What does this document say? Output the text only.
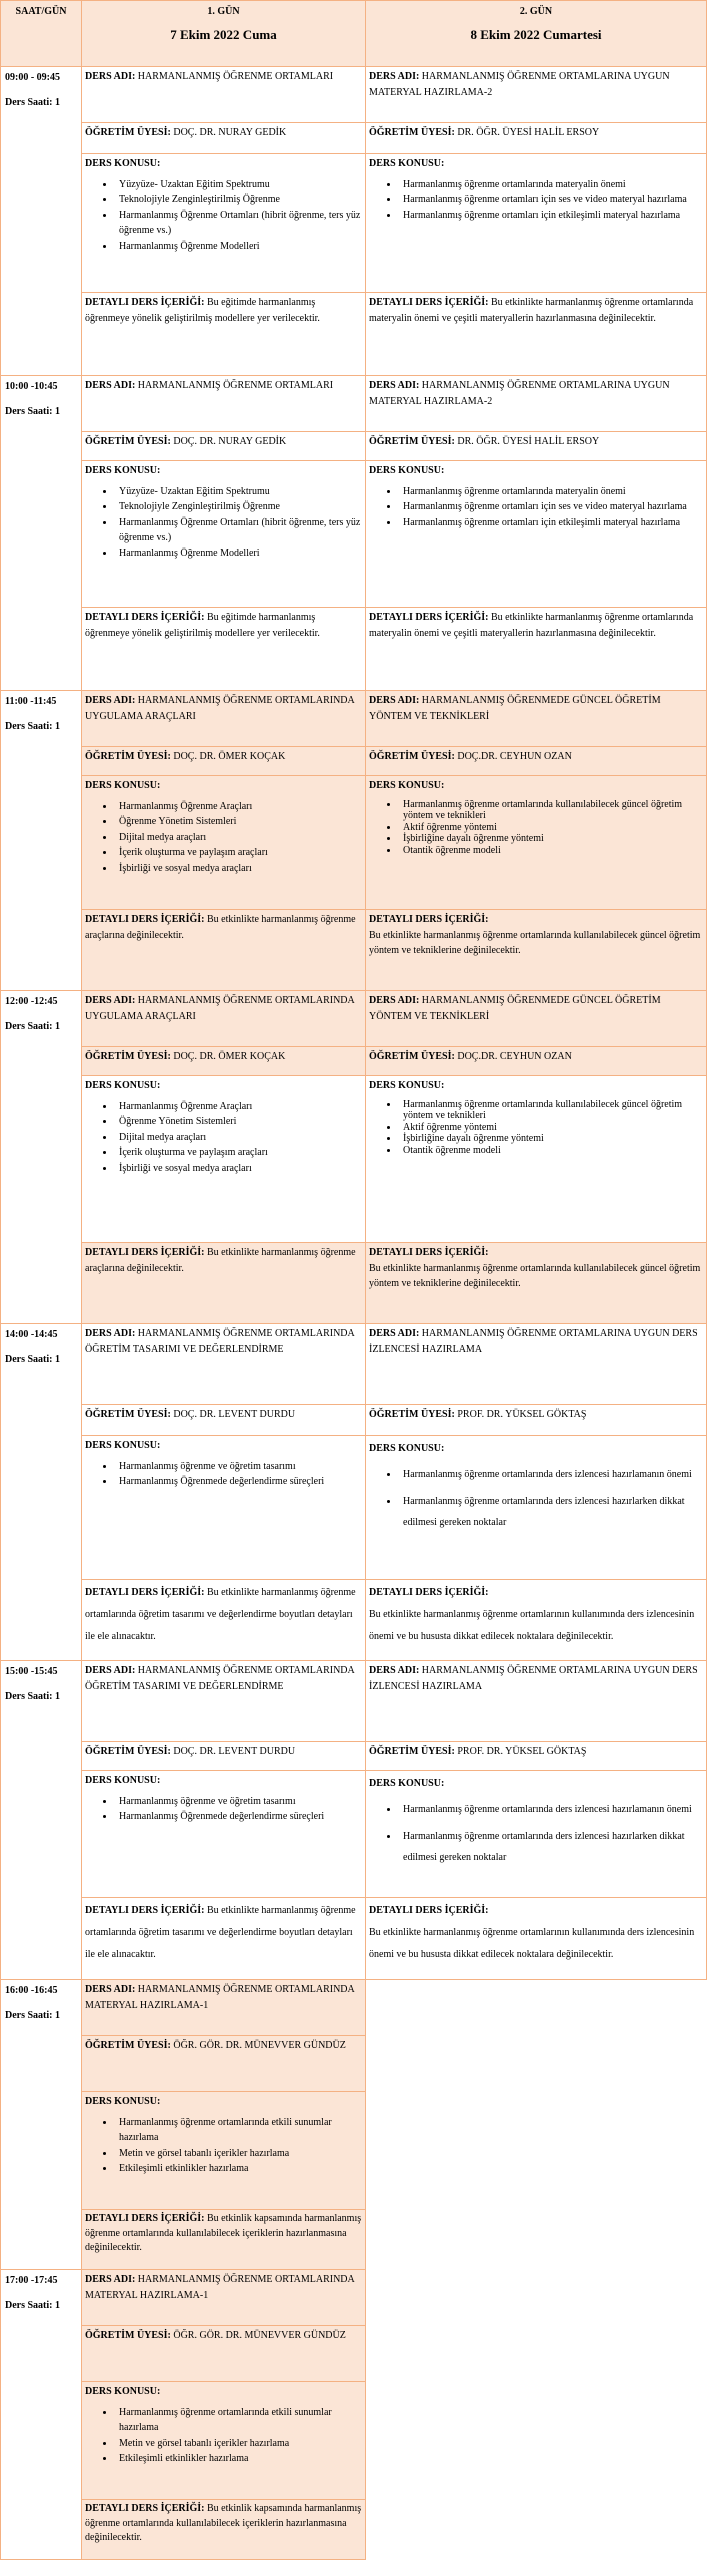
SAAT/GÜN	1. GÜN
7 Ekim 2022 Cuma
2. GÜN
8 Ekim 2022 Cumartesi
09:00 - 09:45
Ders Saati: 1
10:00 -10:45
Ders Saati: 1
11:00 -11:45
Ders Saati: 1
12:00 -12:45
Ders Saati: 1
14:00 -14:45
Ders Saati: 1
15:00 -15:45
Ders Saati: 1
16:00 -16:45
Ders Saati: 1
17:00 -17:45
Ders Saati: 1
DERS ADI: HARMANLANMIŞ ÖĞRENME ORTAMLARI
ÖĞRETİM ÜYESİ: DOÇ. DR. NURAY GEDİK
DERS KONUSU:
• Yüzyüze- Uzaktan Eğitim Spektrumu
• Teknolojiyle Zenginleştirilmiş Öğrenme
• Harmanlanmış Öğrenme Ortamları (hibrit öğrenme, ters yüz öğrenme vs.)
• Harmanlanmış Öğrenme Modelleri
DETAYLI DERS İÇERİĞİ: Bu eğitimde harmanlanmış öğrenmeye yönelik geliştirilmiş modellere yer verilecektir.
DERS ADI: HARMANLANMIŞ ÖĞRENME ORTAMLARINA UYGUN MATERYAL HAZIRLAMA-2
ÖĞRETİM ÜYESİ: DR. ÖĞR. ÜYESİ HALİL ERSOY
DERS KONUSU:
• Harmanlanmış öğrenme ortamlarında materyalin önemi
• Harmanlanmış öğrenme ortamları için ses ve video materyal hazırlama
• Harmanlanmış öğrenme ortamları için etkileşimli materyal hazırlama
DETAYLI DERS İÇERİĞİ: Bu etkinlikte harmanlanmış öğrenme ortamlarında materyalin önemi ve çeşitli materyallerin hazırlanmasına değinilecektir.
DERS ADI: HARMANLANMIŞ ÖĞRENME ORTAMLARI
ÖĞRETİM ÜYESİ: DOÇ. DR. NURAY GEDİK
DERS KONUSU:
• Yüzyüze- Uzaktan Eğitim Spektrumu
• Teknolojiyle Zenginleştirilmiş Öğrenme
• Harmanlanmış Öğrenme Ortamları (hibrit öğrenme, ters yüz öğrenme vs.)
• Harmanlanmış Öğrenme Modelleri
DETAYLI DERS İÇERİĞİ: Bu eğitimde harmanlanmış öğrenmeye yönelik geliştirilmiş modellere yer verilecektir.
DERS ADI: HARMANLANMIŞ ÖĞRENME ORTAMLARINA UYGUN MATERYAL HAZIRLAMA-2
ÖĞRETİM ÜYESİ: DR. ÖĞR. ÜYESİ HALİL ERSOY
DERS KONUSU:
• Harmanlanmış öğrenme ortamlarında materyalin önemi
• Harmanlanmış öğrenme ortamları için ses ve video materyal hazırlama
• Harmanlanmış öğrenme ortamları için etkileşimli materyal hazırlama
DETAYLI DERS İÇERİĞİ: Bu etkinlikte harmanlanmış öğrenme ortamlarında materyalin önemi ve çeşitli materyallerin hazırlanmasına değinilecektir.
DERS ADI: HARMANLANMIŞ ÖĞRENME ORTAMLARINDA UYGULAMA ARAÇLARI
ÖĞRETİM ÜYESİ: DOÇ. DR. ÖMER KOÇAK
DERS KONUSU:
• Harmanlanmış Öğrenme Araçları
• Öğrenme Yönetim Sistemleri
• Dijital medya araçları
• İçerik oluşturma ve paylaşım araçları
• İşbirliği ve sosyal medya araçları
DETAYLI DERS İÇERİĞİ: Bu etkinlikte harmanlanmış öğrenme araçlarına değinilecektir.
DERS ADI: HARMANLANMIŞ ÖĞRENMEDE GÜNCEL ÖĞRETİM YÖNTEM VE TEKNİKLERİ
ÖĞRETİM ÜYESİ: DOÇ.DR. CEYHUN OZAN
DERS KONUSU:
• Harmanlanmış öğrenme ortamlarında kullanılabilecek güncel öğretim yöntem ve teknikleri
• Aktif öğrenme yöntemi
• İşbirliğine dayalı öğrenme yöntemi
• Otantik öğrenme modeli
DETAYLI DERS İÇERİĞİ:
Bu etkinlikte harmanlanmış öğrenme ortamlarında kullanılabilecek güncel öğretim yöntem ve tekniklerine değinilecektir.
DERS ADI: HARMANLANMIŞ ÖĞRENME ORTAMLARINDA UYGULAMA ARAÇLARI
ÖĞRETİM ÜYESİ: DOÇ. DR. ÖMER KOÇAK
DERS KONUSU:
• Harmanlanmış Öğrenme Araçları
• Öğrenme Yönetim Sistemleri
• Dijital medya araçları
• İçerik oluşturma ve paylaşım araçları
• İşbirliği ve sosyal medya araçları
DETAYLI DERS İÇERİĞİ: Bu etkinlikte harmanlanmış öğrenme araçlarına değinilecektir.
DERS ADI: HARMANLANMIŞ ÖĞRENMEDE GÜNCEL ÖĞRETİM YÖNTEM VE TEKNİKLERİ
ÖĞRETİM ÜYESİ: DOÇ.DR. CEYHUN OZAN
DERS KONUSU:
• Harmanlanmış öğrenme ortamlarında kullanılabilecek güncel öğretim yöntem ve teknikleri
• Aktif öğrenme yöntemi
• İşbirliğine dayalı öğrenme yöntemi
• Otantik öğrenme modeli
DETAYLI DERS İÇERİĞİ:
Bu etkinlikte harmanlanmış öğrenme ortamlarında kullanılabilecek güncel öğretim yöntem ve tekniklerine değinilecektir.
DERS ADI: HARMANLANMIŞ ÖĞRENME ORTAMLARINDA ÖĞRETİM TASARIMI VE DEĞERLENDİRME
ÖĞRETİM ÜYESİ: DOÇ. DR. LEVENT DURDU
DERS KONUSU:
• Harmanlanmış öğrenme ve öğretim tasarımı
• Harmanlanmış Öğrenmede değerlendirme süreçleri
DETAYLI DERS İÇERİĞİ: Bu etkinlikte harmanlanmış öğrenme ortamlarında öğretim tasarımı ve değerlendirme boyutları detayları ile ele alınacaktır.
DERS ADI: HARMANLANMIŞ ÖĞRENME ORTAMLARINA UYGUN DERS İZLENCESİ HAZIRLAMA
ÖĞRETİM ÜYESİ: PROF. DR. YÜKSEL GÖKTAŞ
DERS KONUSU:
• Harmanlanmış öğrenme ortamlarında ders izlencesi hazırlamanın önemi
• Harmanlanmış öğrenme ortamlarında ders izlencesi hazırlarken dikkat edilmesi gereken noktalar
DETAYLI DERS İÇERİĞİ:
Bu etkinlikte harmanlanmış öğrenme ortamlarının kullanımında ders izlencesinin önemi ve bu hususta dikkat edilecek noktalara değinilecektir.
DERS ADI: HARMANLANMIŞ ÖĞRENME ORTAMLARINDA ÖĞRETİM TASARIMI VE DEĞERLENDİRME
ÖĞRETİM ÜYESİ: DOÇ. DR. LEVENT DURDU
DERS KONUSU:
• Harmanlanmış öğrenme ve öğretim tasarımı
• Harmanlanmış Öğrenmede değerlendirme süreçleri
DETAYLI DERS İÇERİĞİ: Bu etkinlikte harmanlanmış öğrenme ortamlarında öğretim tasarımı ve değerlendirme boyutları detayları ile ele alınacaktır.
DERS ADI: HARMANLANMIŞ ÖĞRENME ORTAMLARINA UYGUN DERS İZLENCESİ HAZIRLAMA
ÖĞRETİM ÜYESİ: PROF. DR. YÜKSEL GÖKTAŞ
DERS KONUSU:
• Harmanlanmış öğrenme ortamlarında ders izlencesi hazırlamanın önemi
• Harmanlanmış öğrenme ortamlarında ders izlencesi hazırlarken dikkat edilmesi gereken noktalar
DETAYLI DERS İÇERİĞİ:
Bu etkinlikte harmanlanmış öğrenme ortamlarının kullanımında ders izlencesinin önemi ve bu hususta dikkat edilecek noktalara değinilecektir.
DERS ADI: HARMANLANMIŞ ÖĞRENME ORTAMLARINDA MATERYAL HAZIRLAMA-1
ÖĞRETİM ÜYESİ: ÖĞR. GÖR. DR. MÜNEVVER GÜNDÜZ
DERS KONUSU:
• Harmanlanmış öğrenme ortamlarında etkili sunumlar hazırlama
• Metin ve görsel tabanlı içerikler hazırlama
• Etkileşimli etkinlikler hazırlama
DETAYLI DERS İÇERİĞİ: Bu etkinlik kapsamında harmanlanmış öğrenme ortamlarında kullanılabilecek içeriklerin hazırlanmasına değinilecektir.
DERS ADI: HARMANLANMIŞ ÖĞRENME ORTAMLARINDA MATERYAL HAZIRLAMA-1
ÖĞRETİM ÜYESİ: ÖĞR. GÖR. DR. MÜNEVVER GÜNDÜZ
DERS KONUSU:
• Harmanlanmış öğrenme ortamlarında etkili sunumlar hazırlama
• Metin ve görsel tabanlı içerikler hazırlama
• Etkileşimli etkinlikler hazırlama
DETAYLI DERS İÇERİĞİ: Bu etkinlik kapsamında harmanlanmış öğrenme ortamlarında kullanılabilecek içeriklerin hazırlanmasına değinilecektir.
